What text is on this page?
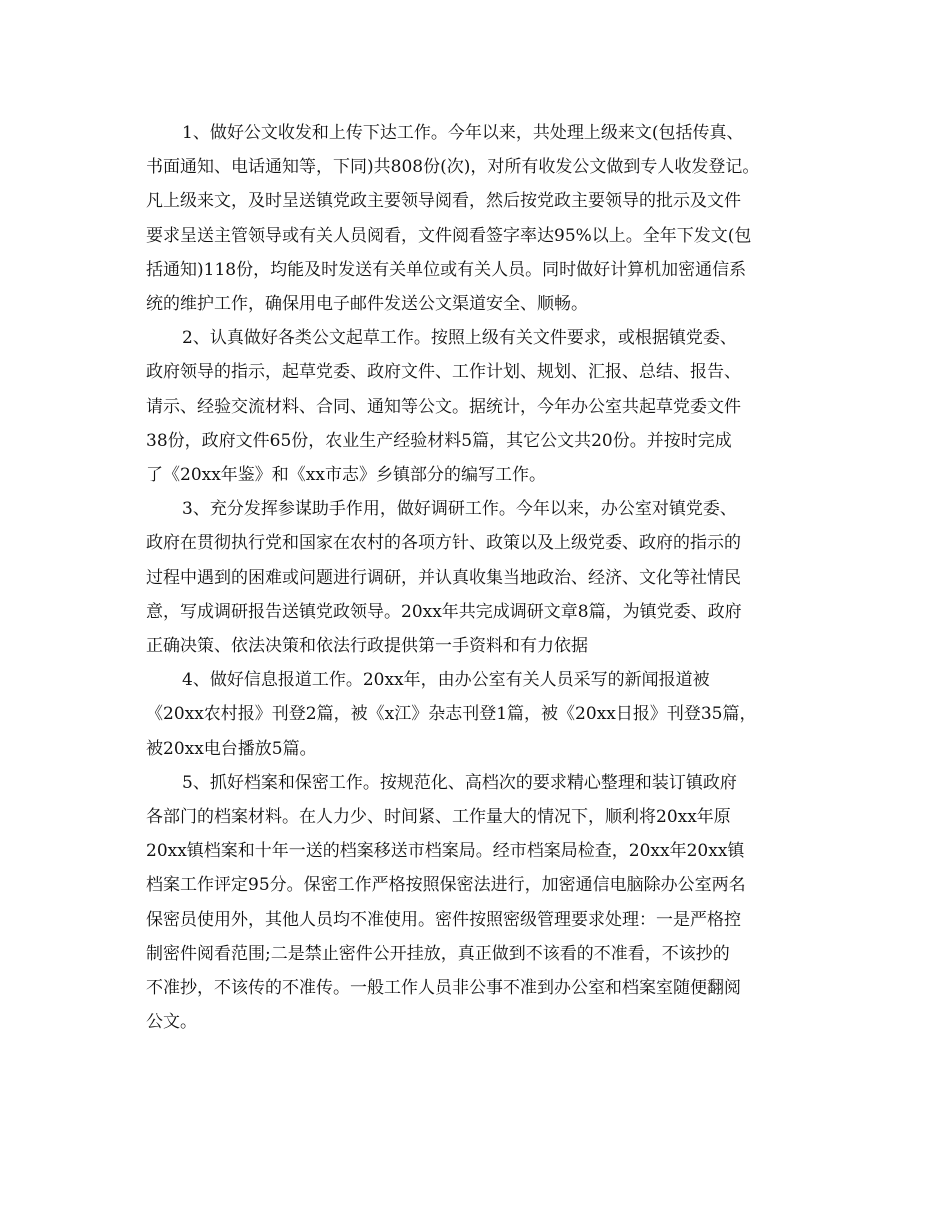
1、做好公文收发和上传下达工作。今年以来，共处理上级来文(包括传真、
书面通知、电话通知等，下同)共808份(次)，对所有收发公文做到专人收发登记。
凡上级来文，及时呈送镇党政主要领导阅看，然后按党政主要领导的批示及文件
要求呈送主管领导或有关人员阅看，文件阅看签字率达95%以上。全年下发文(包
括通知)118份，均能及时发送有关单位或有关人员。同时做好计算机加密通信系
统的维护工作，确保用电子邮件发送公文渠道安全、顺畅。
2、认真做好各类公文起草工作。按照上级有关文件要求，或根据镇党委、
政府领导的指示，起草党委、政府文件、工作计划、规划、汇报、总结、报告、
请示、经验交流材料、合同、通知等公文。据统计，今年办公室共起草党委文件
38份，政府文件65份，农业生产经验材料5篇，其它公文共20份。并按时完成
了《20xx年鉴》和《xx市志》乡镇部分的编写工作。
3、充分发挥参谋助手作用，做好调研工作。今年以来，办公室对镇党委、
政府在贯彻执行党和国家在农村的各项方针、政策以及上级党委、政府的指示的
过程中遇到的困难或问题进行调研，并认真收集当地政治、经济、文化等社情民
意，写成调研报告送镇党政领导。20xx年共完成调研文章8篇，为镇党委、政府
正确决策、依法决策和依法行政提供第一手资料和有力依据
4、做好信息报道工作。20xx年，由办公室有关人员采写的新闻报道被
《20xx农村报》刊登2篇，被《x江》杂志刊登1篇，被《20xx日报》刊登35篇，
被20xx电台播放5篇。
5、抓好档案和保密工作。按规范化、高档次的要求精心整理和装订镇政府
各部门的档案材料。在人力少、时间紧、工作量大的情况下，顺利将20xx年原
20xx镇档案和十年一送的档案移送市档案局。经市档案局检查，20xx年20xx镇
档案工作评定95分。保密工作严格按照保密法进行，加密通信电脑除办公室两名
保密员使用外，其他人员均不准使用。密件按照密级管理要求处理：一是严格控
制密件阅看范围;二是禁止密件公开挂放，真正做到不该看的不准看，不该抄的
不准抄，不该传的不准传。一般工作人员非公事不准到办公室和档案室随便翻阅
公文。
